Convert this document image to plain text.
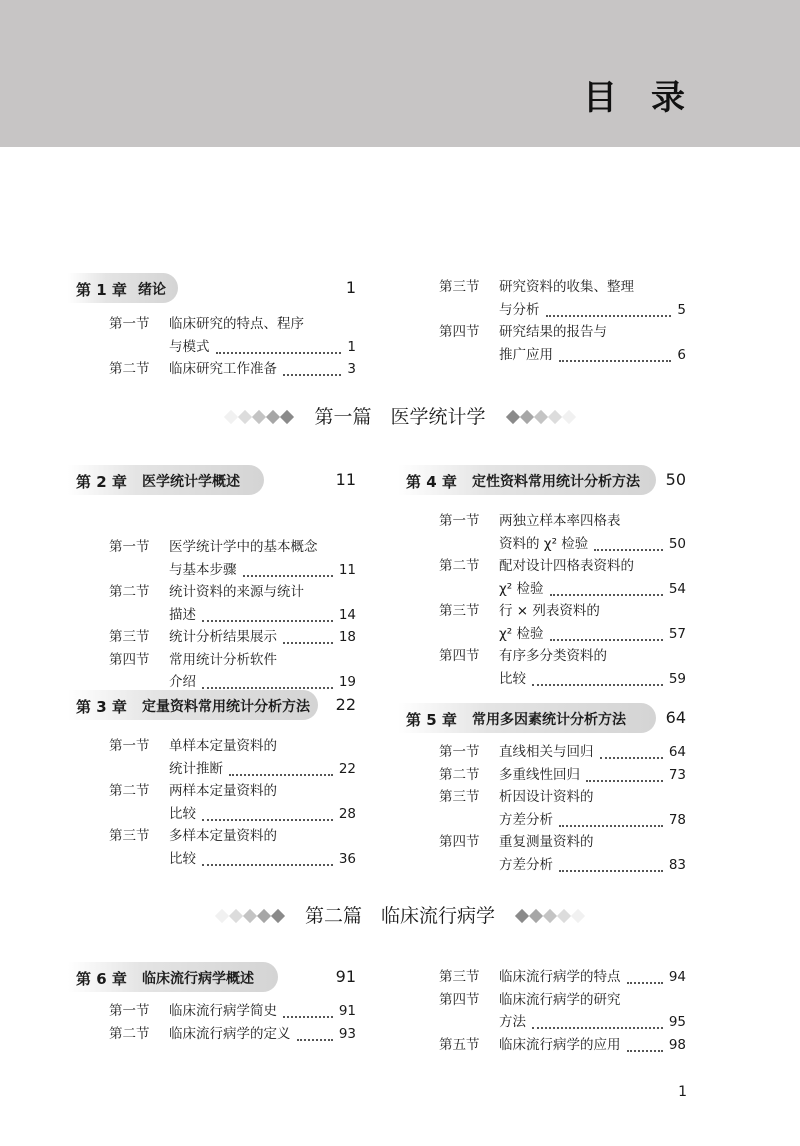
目录
第 1 章 绪论	1
第一节 临床研究的特点、程序
与模式	1
第二节 临床研究工作准备	3
第三节 研究资料的收集、整理
与分析	5
第四节 研究结果的报告与
推广应用	6
第一篇　医学统计学
第 2 章 医学统计学概述	11
第一节 医学统计学中的基本概念
与基本步骤	11
第二节 统计资料的来源与统计
描述	14
第三节 统计分析结果展示	18
第四节 常用统计分析软件
介绍	19
第 3 章 定量资料常用统计分析方法 22
第一节 单样本定量资料的
统计推断	22
第二节 两样本定量资料的
比较	28
第三节 多样本定量资料的
比较	36
第 4 章 定性资料常用统计分析方法 50
第一节 两独立样本率四格表
资料的 χ² 检验	50
第二节 配对设计四格表资料的
χ² 检验	54
第三节 行 × 列表资料的
χ² 检验	57
第四节 有序多分类资料的
比较	59
第 5 章 常用多因素统计分析方法 64
第一节 直线相关与回归	64
第二节 多重线性回归	73
第三节 析因设计资料的
方差分析	78
第四节 重复测量资料的
方差分析	83
第二篇　临床流行病学
第 6 章 临床流行病学概述	91
第一节 临床流行病学简史	91
第二节 临床流行病学的定义	93
第三节 临床流行病学的特点	94
第四节 临床流行病学的研究
方法	95
第五节 临床流行病学的应用	98
1
